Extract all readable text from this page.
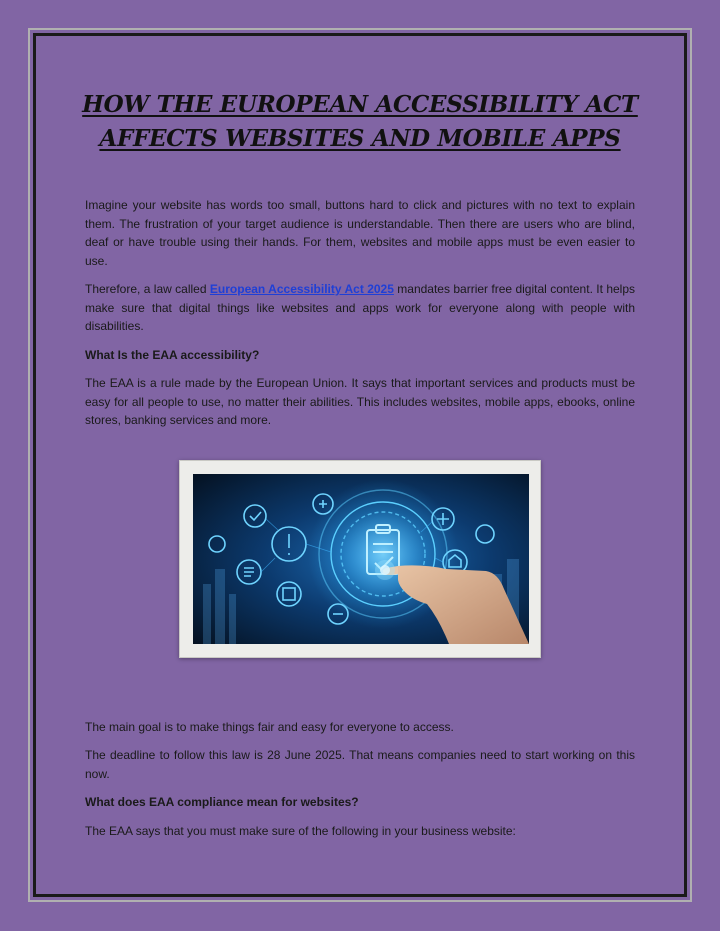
HOW THE EUROPEAN ACCESSIBILITY ACT AFFECTS WEBSITES AND MOBILE APPS

Imagine your website has words too small, buttons hard to click and pictures with no text to explain them. The frustration of your target audience is understandable. Then there are users who are blind, deaf or have trouble using their hands. For them, websites and mobile apps must be even easier to use.

Therefore, a law called European Accessibility Act 2025 mandates barrier free digital content. It helps make sure that digital things like websites and apps work for everyone along with people with disabilities.

What Is the EAA accessibility?

The EAA is a rule made by the European Union. It says that important services and products must be easy for all people to use, no matter their abilities. This includes websites, mobile apps, ebooks, online stores, banking services and more.

The main goal is to make things fair and easy for everyone to access.

The deadline to follow this law is 28 June 2025. That means companies need to start working on this now.

What does EAA compliance mean for websites?

The EAA says that you must make sure of the following in your business website:
